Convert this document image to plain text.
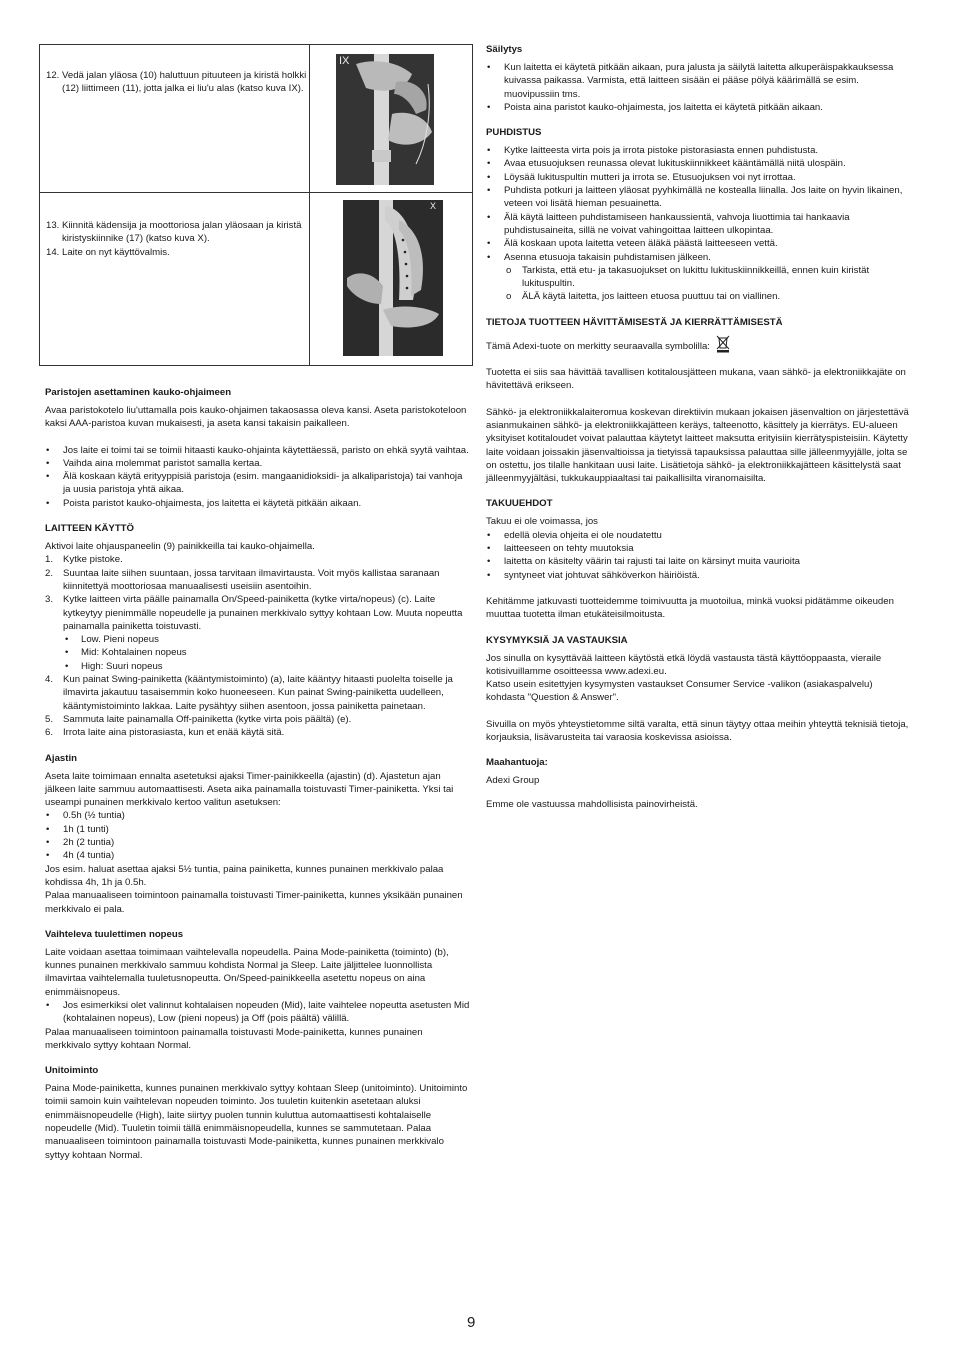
12. Vedä jalan yläosa (10) haluttuun pituuteen ja kiristä holkki (12) liittimeen (11), jotta jalka ei liu'u alas (katso kuva IX).

IX

13. Kiinnitä kädensija ja moottoriosa jalan yläosaan ja kiristä kiristyskiinnike (17) (katso kuva X).

14. Laite on nyt käyttövalmis.

X
Paristojen asettaminen kauko-ohjaimeen

Avaa paristokotelo liu'uttamalla pois kauko-ohjaimen takaosassa oleva kansi. Aseta paristokoteloon kaksi AAA-paristoa kuvan mukaisesti, ja aseta kansi takaisin paikalleen.

• Jos laite ei toimi tai se toimii hitaasti kauko-ohjainta käytettäessä, paristo on ehkä syytä vaihtaa.
• Vaihda aina molemmat paristot samalla kertaa.
• Älä koskaan käytä erityyppisiä paristoja (esim. mangaanidioksidi- ja alkaliparistoja) tai vanhoja ja uusia paristoja yhtä aikaa.
• Poista paristot kauko-ohjaimesta, jos laitetta ei käytetä pitkään aikaan.
LAITTEEN KÄYTTÖ

Aktivoi laite ohjauspaneelin (9) painikkeilla tai kauko-ohjaimella.

1. Kytke pistoke.
2. Suuntaa laite siihen suuntaan, jossa tarvitaan ilmavirtausta. Voit myös kallistaa saranaan kiinnitettyä moottoriosaa manuaalisesti useisiin asentoihin.
3. Kytke laitteen virta päälle painamalla On/Speed-painiketta (kytke virta/nopeus) (c). Laite kytkeytyy pienimmälle nopeudelle ja punainen merkkivalo syttyy kohtaan Low. Muuta nopeutta painamalla painiketta toistuvasti.
• Low. Pieni nopeus
• Mid: Kohtalainen nopeus
• High: Suuri nopeus
4. Kun painat Swing-painiketta (kääntymistoiminto) (a), laite kääntyy hitaasti puolelta toiselle ja ilmavirta jakautuu tasaisemmin koko huoneeseen. Kun painat Swing-painiketta uudelleen, kääntymistoiminto lakkaa. Laite pysähtyy siihen asentoon, jossa painiketta painetaan.
5. Sammuta laite painamalla Off-painiketta (kytke virta pois päältä) (e).
6. Irrota laite aina pistorasiasta, kun et enää käytä sitä.
Ajastin

Aseta laite toimimaan ennalta asetetuksi ajaksi Timer-painikkeella (ajastin) (d). Ajastetun ajan jälkeen laite sammuu automaattisesti. Aseta aika painamalla toistuvasti Timer-painiketta. Yksi tai useampi punainen merkkivalo kertoo valitun asetuksen:

• 0.5h (½ tuntia)
• 1h (1 tunti)
• 2h (2 tuntia)
• 4h (4 tuntia)

Jos esim. haluat asettaa ajaksi 5½ tuntia, paina painiketta, kunnes punainen merkkivalo palaa kohdissa 4h, 1h ja 0.5h.

Palaa manuaaliseen toimintoon painamalla toistuvasti Timer-painiketta, kunnes yksikään punainen merkkivalo ei pala.

Vaihteleva tuulettimen nopeus

Laite voidaan asettaa toimimaan vaihtelevalla nopeudella. Paina Mode-painiketta (toiminto) (b), kunnes punainen merkkivalo sammuu kohdista Normal ja Sleep. Laite jäljittelee luonnollista ilmavirtaa vaihtelemalla tuuletusnopeutta. On/Speed-painikkeella asetettu nopeus on aina enimmäisnopeus.

• Jos esimerkiksi olet valinnut kohtalaisen nopeuden (Mid), laite vaihtelee nopeutta asetusten Mid (kohtalainen nopeus), Low (pieni nopeus) ja Off (pois päältä) välillä.

Palaa manuaaliseen toimintoon painamalla toistuvasti Mode-painiketta, kunnes punainen merkkivalo syttyy kohtaan Normal.

Unitoiminto

Paina Mode-painiketta, kunnes punainen merkkivalo syttyy kohtaan Sleep (unitoiminto). Unitoiminto toimii samoin kuin vaihtelevan nopeuden toiminto. Jos tuuletin kuitenkin asetetaan aluksi enimmäisnopeudelle (High), laite siirtyy puolen tunnin kuluttua automaattisesti kohtalaiselle nopeudelle (Mid). Tuuletin toimii tällä enimmäisnopeudella, kunnes se sammutetaan. Palaa manuaaliseen toimintoon painamalla toistuvasti Mode-painiketta, kunnes punainen merkkivalo syttyy kohtaan Normal.

Säilytys
• Kun laitetta ei käytetä pitkään aikaan, pura jalusta ja säilytä laitetta alkuperäispakkauksessa kuivassa paikassa. Varmista, että laitteen sisään ei pääse pölyä käärimällä se esim. muovipussiin tms.
• Poista aina paristot kauko-ohjaimesta, jos laitetta ei käytetä pitkään aikaan.
PUHDISTUS
• Kytke laitteesta virta pois ja irrota pistoke pistorasiasta ennen puhdistusta.
• Avaa etusuojuksen reunassa olevat lukituskiinnikkeet kääntämällä niitä ulospäin.
• Löysää lukituspultin mutteri ja irrota se. Etusuojuksen voi nyt irrottaa.
• Puhdista potkuri ja laitteen yläosat pyyhkimällä ne kostealla liinalla. Jos laite on hyvin likainen, veteen voi lisätä hieman pesuainetta.
• Älä käytä laitteen puhdistamiseen hankaussientä, vahvoja liuottimia tai hankaavia puhdistusaineita, sillä ne voivat vahingoittaa laitteen ulkopintaa.
• Älä koskaan upota laitetta veteen äläkä päästä laitteeseen vettä.
• Asenna etusuoja takaisin puhdistamisen jälkeen.
o Tarkista, että etu- ja takasuojukset on lukittu lukituskiinnikkeillä, ennen kuin kiristät lukituspultin.
o ÄLÄ käytä laitetta, jos laitteen etuosa puuttuu tai on viallinen.
TIETOJA TUOTTEEN HÄVITTÄMISESTÄ JA KIERRÄTTÄMISESTÄ

Tämä Adexi-tuote on merkitty seuraavalla symbolilla:

Tuotetta ei siis saa hävittää tavallisen kotitalousjätteen mukana, vaan sähkö- ja elektroniikkajäte on hävitettävä erikseen.

Sähkö- ja elektroniikkalaiteromua koskevan direktiivin mukaan jokaisen jäsenvaltion on järjestettävä asianmukainen sähkö- ja elektroniikkajätteen keräys, talteenotto, käsittely ja kierrätys. EU-alueen yksityiset kotitaloudet voivat palauttaa käytetyt laitteet maksutta erityisiin kierrätyspisteisiin. Käytetty laite voidaan joissakin jäsenvaltioissa ja tietyissä tapauksissa palauttaa sille jälleenmyyjälle, jolta se on ostettu, jos tilalle hankitaan uusi laite. Lisätietoja sähkö- ja elektroniikkajätteen käsittelystä saat jälleenmyyjältäsi, tukkukauppiaaltasi tai paikallisilta viranomaisilta.

TAKUUEHDOT

Takuu ei ole voimassa, jos

• edellä olevia ohjeita ei ole noudatettu
• laitteeseen on tehty muutoksia
• laitetta on käsitelty väärin tai rajusti tai laite on kärsinyt muita vaurioita
• syntyneet viat johtuvat sähköverkon häiriöistä.

Kehitämme jatkuvasti tuotteidemme toimivuutta ja muotoilua, minkä vuoksi pidätämme oikeuden muuttaa tuotetta ilman etukäteisilmoitusta.

KYSYMYKSIÄ JA VASTAUKSIA

Jos sinulla on kysyttävää laitteen käytöstä etkä löydä vastausta tästä käyttöoppaasta, vieraile kotisivuillamme osoitteessa www.adexi.eu.

Katso usein esitettyjen kysymysten vastaukset Consumer Service -valikon (asiakaspalvelu) kohdasta "Question & Answer".

Sivuilla on myös yhteystietomme siltä varalta, että sinun täytyy ottaa meihin yhteyttä teknisiä tietoja, korjauksia, lisävarusteita tai varaosia koskevissa asioissa.

Maahantuoja:

Adexi Group

Emme ole vastuussa mahdollisista painovirheistä.

9
